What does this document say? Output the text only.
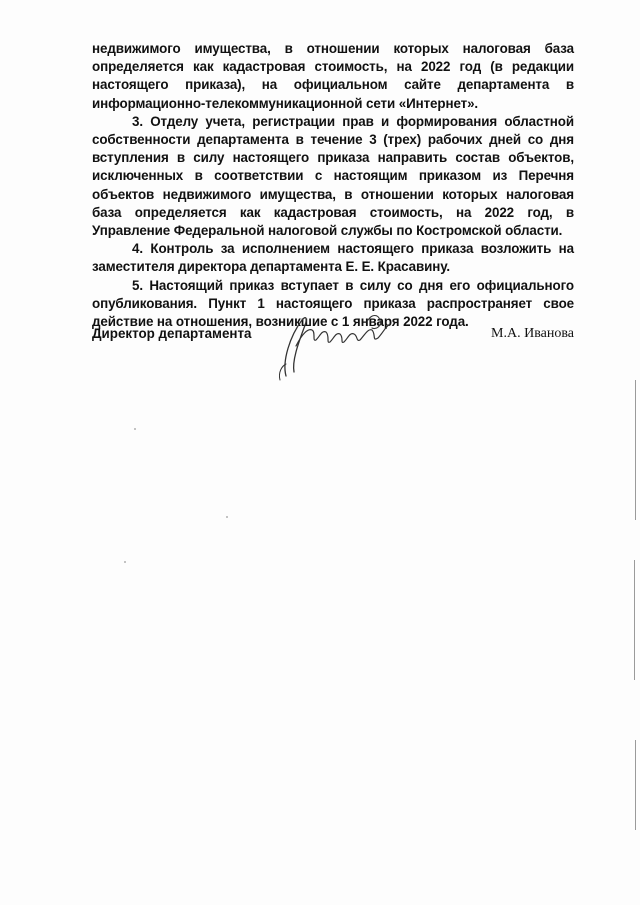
недвижимого имущества, в отношении которых налоговая база определяется как кадастровая стоимость, на 2022 год (в редакции настоящего приказа), на официальном сайте департамента в информационно-телекоммуникационной сети «Интернет».

3. Отделу учета, регистрации прав и формирования областной собственности департамента в течение 3 (трех) рабочих дней со дня вступления в силу настоящего приказа направить состав объектов, исключенных в соответствии с настоящим приказом из Перечня объектов недвижимого имущества, в отношении которых налоговая база определяется как кадастровая стоимость, на 2022 год, в Управление Федеральной налоговой службы по Костромской области.

4. Контроль за исполнением настоящего приказа возложить на заместителя директора департамента Е. Е. Красавину.

5. Настоящий приказ вступает в силу со дня его официального опубликования. Пункт 1 настоящего приказа распространяет свое действие на отношения, возникшие с 1 января 2022 года.

Директор департамента	М.А. Иванова
